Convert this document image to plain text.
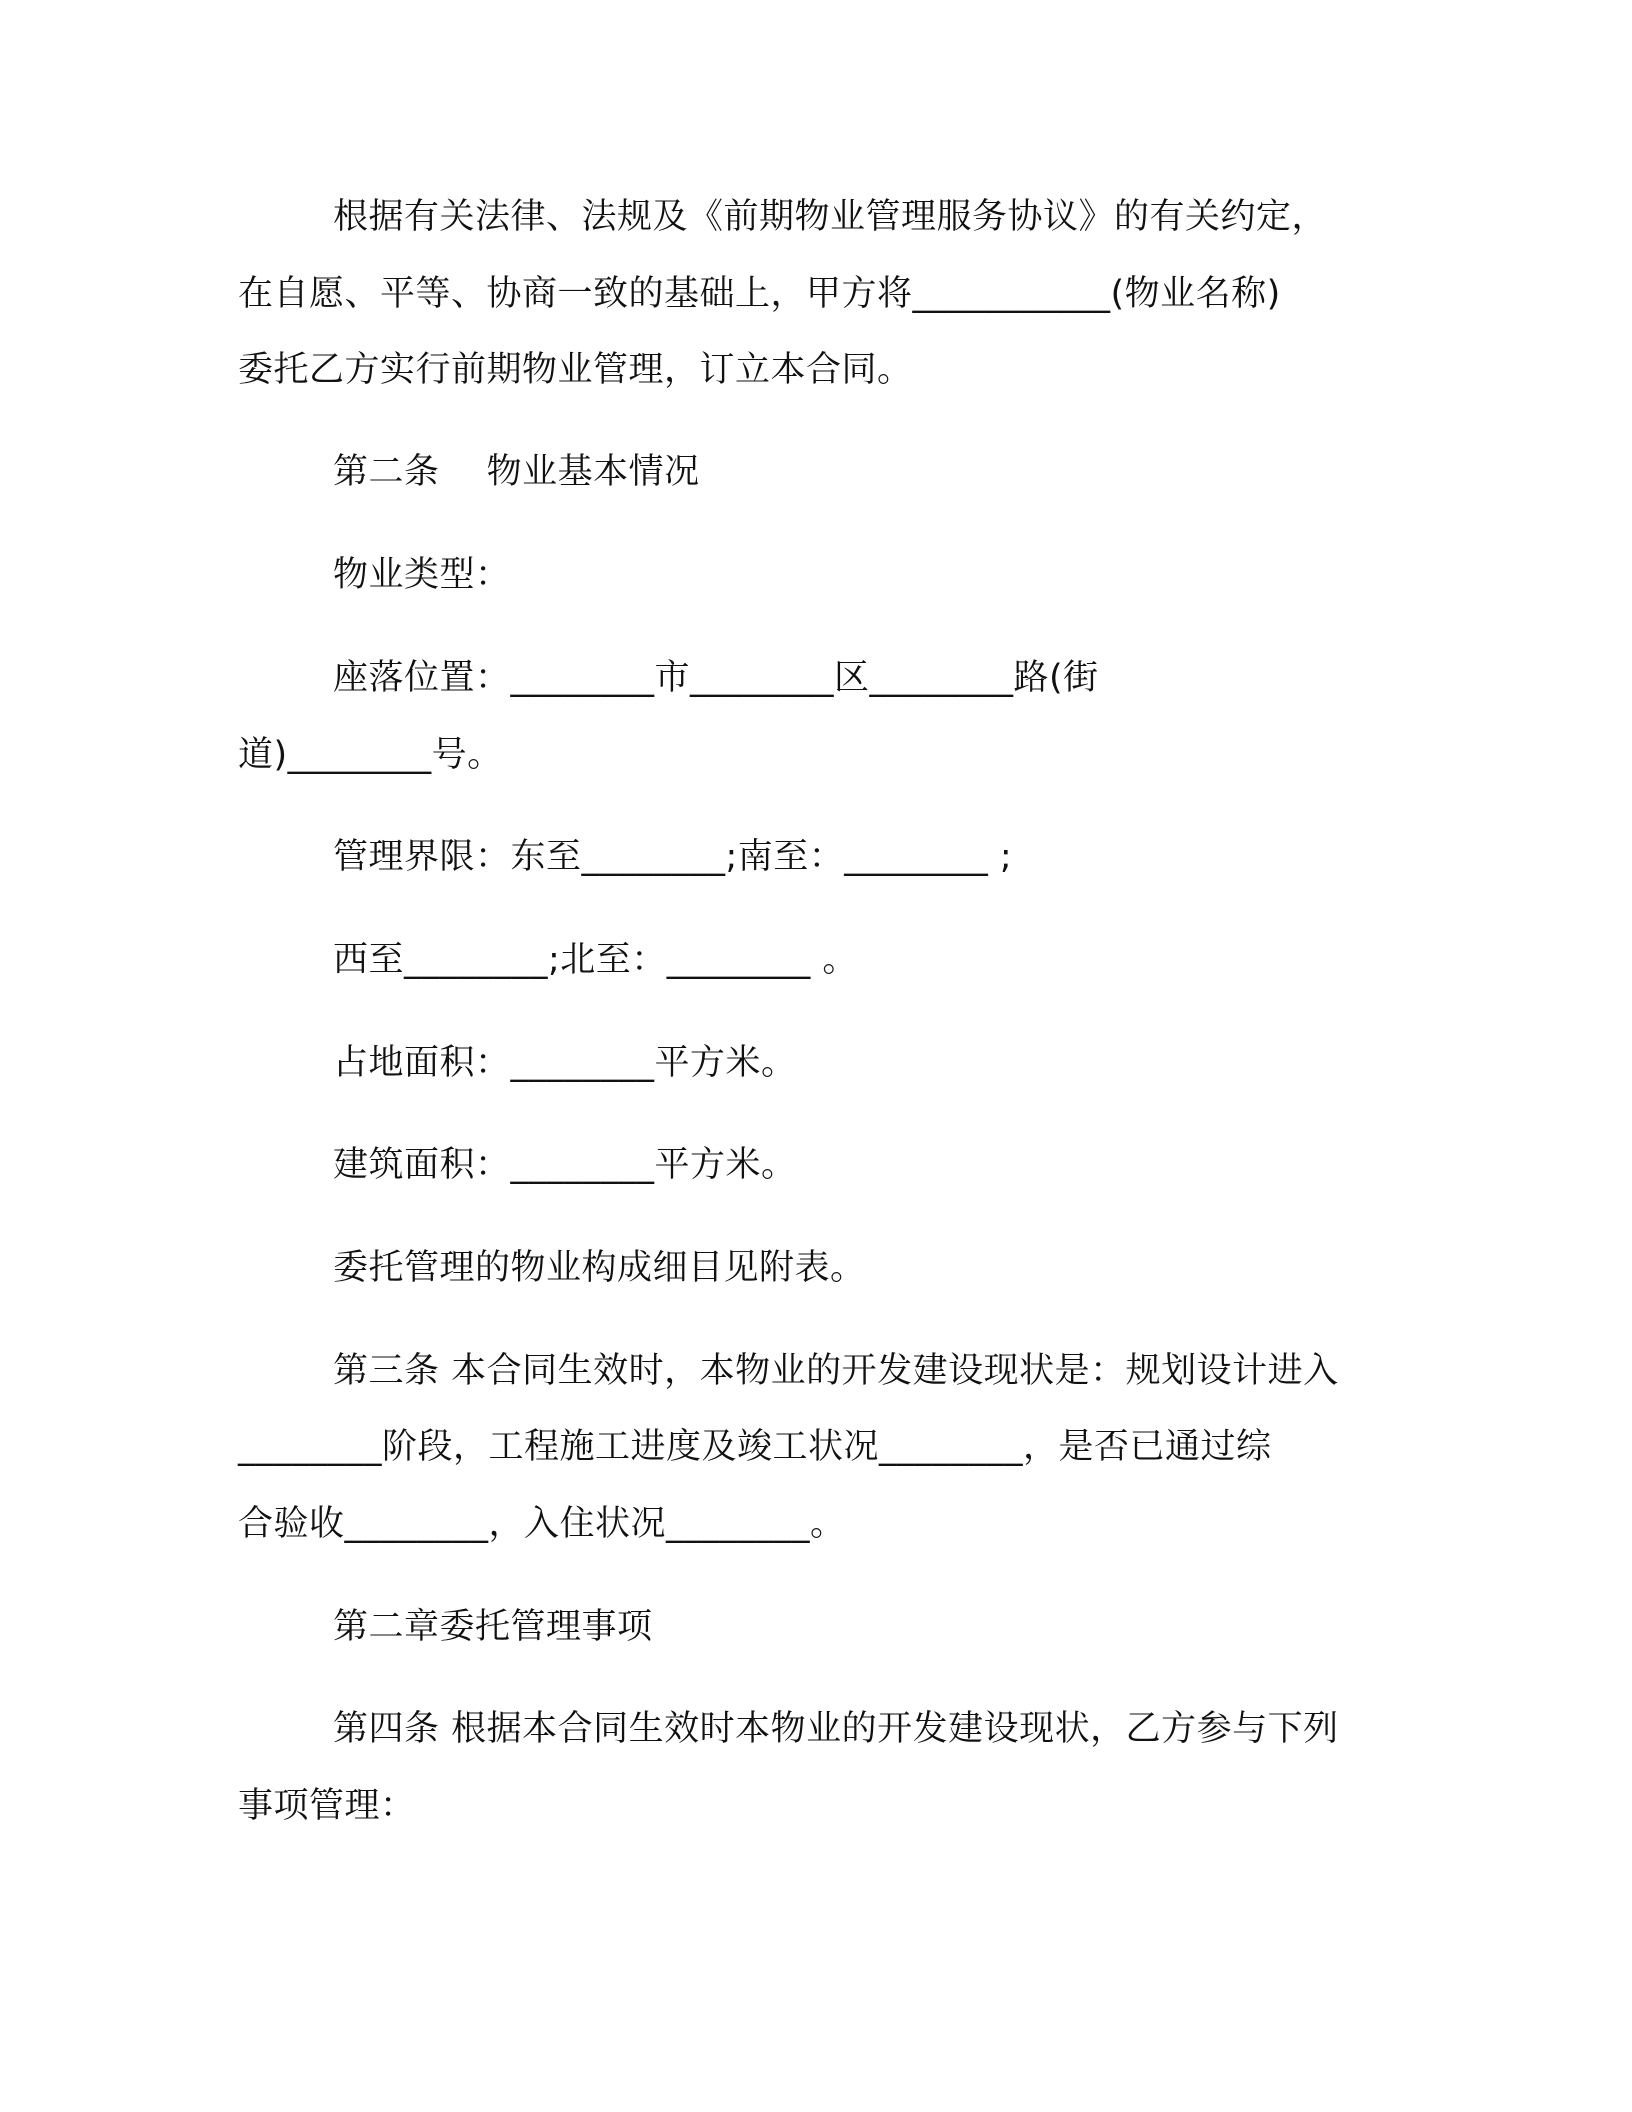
根据有关法律、法规及《前期物业管理服务协议》的有关约定，
在自愿、平等、协商一致的基础上，甲方将___________(物业名称)
委托乙方实行前期物业管理，订立本合同。
第二条　 物业基本情况
物业类型：
座落位置：________市________区________路(街
道)________号。
管理界限：东至________;南至：________ ;
西至________;北至：________ 。
占地面积：________平方米。
建筑面积：________平方米。
委托管理的物业构成细目见附表。
第三条 本合同生效时，本物业的开发建设现状是：规划设计进入
________阶段，工程施工进度及竣工状况________，是否已通过综
合验收________，入住状况________。
第二章委托管理事项
第四条 根据本合同生效时本物业的开发建设现状，乙方参与下列
事项管理：
